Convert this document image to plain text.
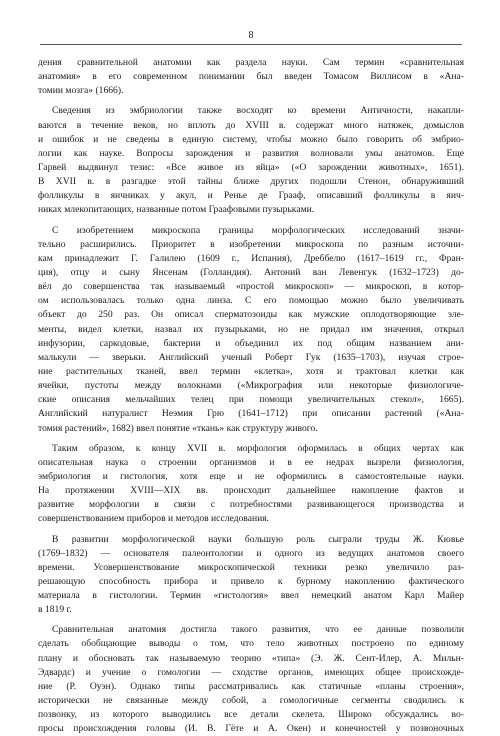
8
дения сравнительной анатомии как раздела науки. Сам термин «сравнительная
анатомия» в его современном понимании был введен Томасом Виллисом в «Ана-
томии мозга» (1666).
Сведения из эмбриологии также восходят ко времени Античности, накапли-
ваются в течение веков, но вплоть до XVIII в. содержат много натяжек, домыслов
и ошибок и не сведены в единую систему, чтобы можно было говорить об эмбрио-
логии как науке. Вопросы зарождения и развития волновали умы анатомов. Еще
Гарвей выдвинул тезис: «Все живое из яйца» («О зарождении животных», 1651).
В XVII в. в разгадке этой тайны ближе других подошли Стенон, обнаруживший
фолликулы в яичниках у акул, и Ренье де Грааф, описавший фолликулы в яич-
никах млекопитающих, названные потом Граафовыми пузырьками.
С изобретением микроскопа границы морфологических исследований значи-
тельно расширились. Приоритет в изобретении микроскопа по разным источни-
кам принадлежит Г. Галилею (1609 г., Испания), Дреббелю (1617–1619 гг., Фран-
ция), отцу и сыну Янсенам (Голландия). Антоний ван Левенгук (1632–1723) до-
вёл до совершенства так называемый «простой микроскоп» — микроскоп, в котор-
ом использовалась только одна линза. С его помощью можно было увеличивать
объект до 250 раз. Он описал сперматозоиды как мужские оплодотворяющие эле-
менты, видел клетки, назвал их пузырьками, но не придал им значения, открыл
инфузории, саркодовые, бактерии и объединил их под общим названием ани-
малькули — зверьки. Английский ученый Роберт Гук (1635–1703), изучая строе-
ние растительных тканей, ввел термин «клетка», хотя и трактовал клетки как
ячейки, пустоты между волокнами («Микрография или некоторые физиологиче-
ские описания мельчайших телец при помощи увеличительных стекол», 1665).
Английский натуралист Неэмия Грю (1641–1712) при описании растений («Ана-
томия растений», 1682) ввел понятие «ткань» как структуру живого.
Таким образом, к концу XVII в. морфология оформилась в общих чертах как
описательная наука о строении организмов и в ее недрах вызрели физиология,
эмбриология и гистология, хотя еще и не оформились в самостоятельные науки.
На протяжении XVIII—XIX вв. происходит дальнейшее накопление фактов и
развитие морфологии в связи с потребностями развивающегося производства и
совершенствованием приборов и методов исследования.
В развитии морфологической науки большую роль сыграли труды Ж. Кювье
(1769–1832) — основателя палеонтологии и одного из ведущих анатомов своего
времени. Усовершенствование микроскопической техники резко увеличило раз-
решающую способность прибора и привело к бурному накоплению фактического
материала в гистологии. Термин «гистология» ввел немецкий анатом Карл Майер
в 1819 г.
Сравнительная анатомия достигла такого развития, что ее данные позволили
сделать обобщающие выводы о том, что тело животных построено по единому
плану и обосновать так называемую теорию «типа» (Э. Ж. Сент-Илер, А. Мильн-
Эдвардс) и учение о гомологии — сходстве органов, имеющих общее происхожде-
ние (Р. Оуэн). Однако типы рассматривались как статичные «планы строения»,
исторически не связанные между собой, а гомологичные сегменты сводились к
позвонку, из которого выводились все детали скелета. Широко обсуждались во-
просы происхождения головы (И. В. Гёте и А. Окен) и конечностей у позвоночных
